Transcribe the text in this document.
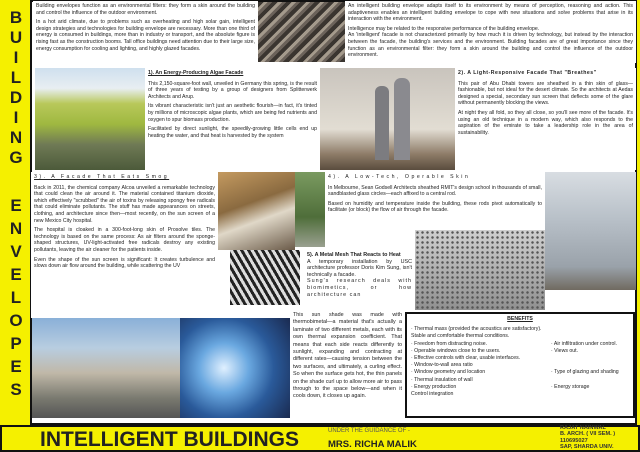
B
U
I
L
D
I
N
G
E
N
V
E
L
O
P
E
S

Building envelopes function as an environmental filters: they form a skin around the building and control the influence of the outdoor environment.

In a hot arid climate, due to problems such as overheating and high solar gain, intelligent design strategies and technologies for building envelope are necessary. More than one third of energy is consumed in buildings, more than in industry or transport, and the absolute figure is rising fast as the construction booms. Tall office buildings need attention due to their large size, energy consumption for cooling and lighting, and highly glazed facades.

An intelligent building envelope adapts itself to its environment by means of perception, reasoning and action. This adaptiveness enables an intelligent building envelope to cope with new situations and solve problems that arise in its interaction with the environment.

Intelligence may be related to the responsive performance of the building envelope.

An 'intelligent' facade is not characterized primarily by how much it is driven by technology, but instead by the interaction between the facade, the building's services and the environment. Building facades are of great importance since they function as an environmental filter: they form a skin around the building and control the influence of the outdoor environment.

1). An Energy-Producing Algae Facade

This 2,150-square-foot wall, unveiled in Germany this spring, is the result of three years of testing by a group of designers from Splitterwerk Architects and Arup.

Its vibrant characteristic isn't just an aesthetic flourish—in fact, it's tinted by millions of microscopic algae plants, which are being fed nutrients and oxygen to spur biomass production.

Facilitated by direct sunlight, the speedily-growing little cells end up heating the water, and that heat is harvested by the system

2). A Light-Responsive Facade That "Breathes"

This pair of Abu Dhabi towers are sheathed in a thin skin of glass—fashionable, but not ideal for the desert climate. So the architects at Aedas designed a special, secondary sun screen that deflects some of the glare without permanently blocking the views.

At night they all fold, so they all close, so you'll see more of the facade. It's using an old technique in a modern way, which also responds to the aspiration of the emirate to take a leadership role in the area of sustainability.

3). A Facade That Eats Smog

Back in 2011, the chemical company Alcoa unveiled a remarkable technology that could clean the air around it. The material contained titanium dioxide, which effectively "scrubbed" the air of toxins by releasing spongy free radicals that could eliminate pollutants. The stuff has made appearances on streets, clothing, and architecture since then—most recently, on the sun screen of a new Mexico City hospital.

The hospital is cloaked in a 300-foot-long skin of Prosolve tiles. The technology is based on the same process: As air filters around the sponge-shaped structures, UV-light-activated free radicals destroy any existing pollutants, leaving the air cleaner for the patients inside.

Even the shape of the sun screen is significant: It creates turbulence and slows down air flow around the building, while scattering the UV

4). A Low-Tech, Operable Skin

In Melbourne, Sean Godsell Architects sheathed RMIT's design school in thousands of small, sandblasted glass circles—each affixed to a central rod.

Based on humidity and temperature inside the building, these rods pivot automatically to facilitate (or block) the flow of air through the facade.

5). A Metal Mesh That Reacts to Heat

A temporary installation by USC architecture professor Doris Kim Sung, isn't technically a facade.

Sung's research deals with biomimetics, or how architecture can

This sun shade was made with thermobimetal—a material that's actually a laminate of two different metals, each with its own thermal expansion coefficient. That means that each side reacts differently to sunlight, expanding and contracting at different rates—causing tension between the two surfaces, and ultimately, a curling effect. So when the surface gets hot, the thin panels on the shade curl up to allow more air to pass through to the space below—and when it cools down, it closes up again.

BENEFITS
· Thermal mass (provided the acoustics are satisfactory).
Stable and comfortable thermal conditions.
· Freedom from distracting noise.	· Air infiltration under control.
· Operable windows close to the users.	· Views out.
· Effective controls with clear, usable interfaces.
· Window-to-wall area ratio
· Window geometry and location	· Type of glazing and shading
· Thermal insulation of wall
· Energy production	· Energy storage
Control integration
INTELLIGENT BUILDINGS	UNDER THE GUIDANCE OF -
MRS. RICHA MALIK
RAJAT NAINWAL
B. ARCH. ( VII SEM. )
110695027
SAP, SHARDA UNIV.
